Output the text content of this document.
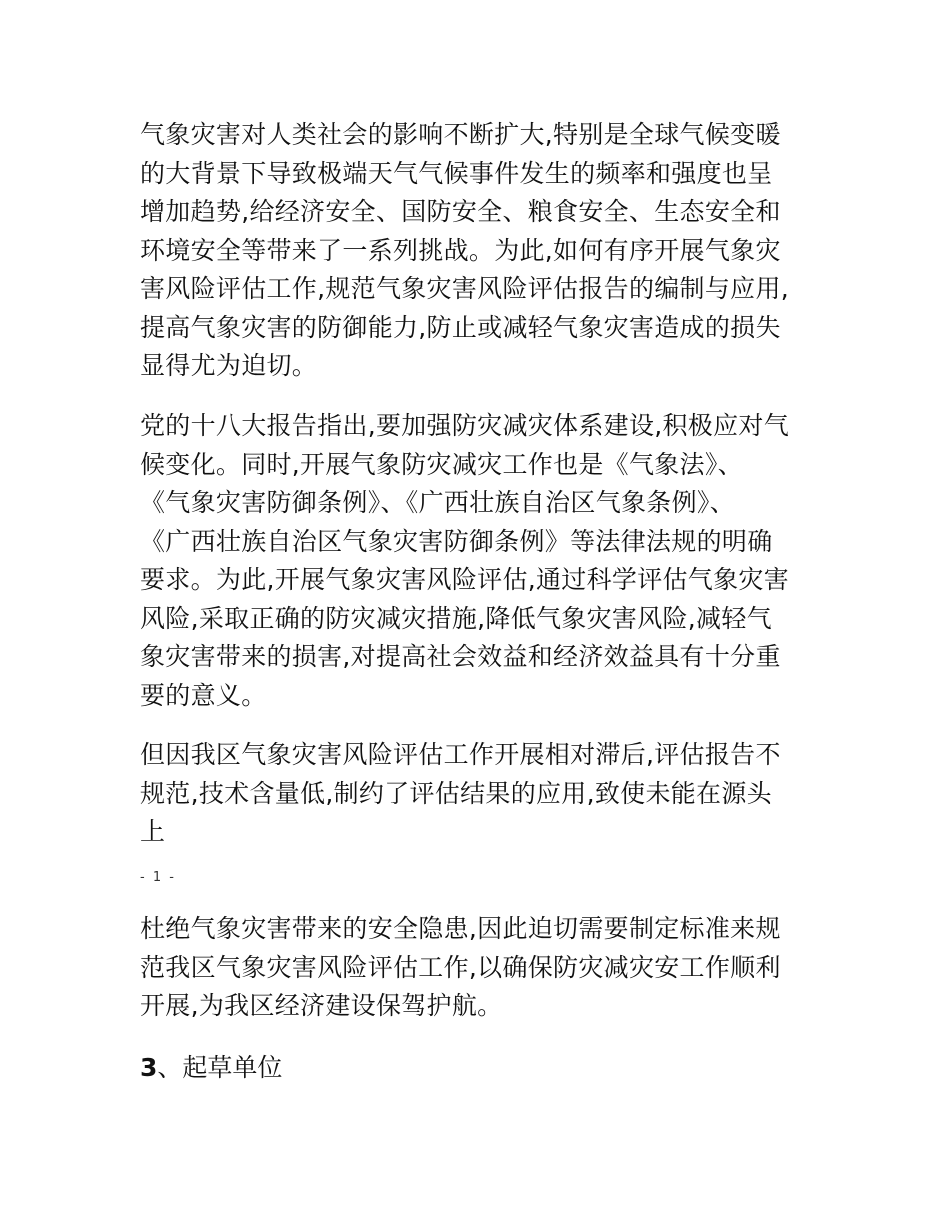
气象灾害对人类社会的影响不断扩大,特别是全球气候变暖
的大背景下导致极端天气气候事件发生的频率和强度也呈
增加趋势,给经济安全、国防安全、粮食安全、生态安全和
环境安全等带来了一系列挑战。为此,如何有序开展气象灾
害风险评估工作,规范气象灾害风险评估报告的编制与应用,
提高气象灾害的防御能力,防止或减轻气象灾害造成的损失
显得尤为迫切。

党的十八大报告指出,要加强防灾减灾体系建设,积极应对气
候变化。同时,开展气象防灾减灾工作也是《气象法》、
《气象灾害防御条例》、《广西壮族自治区气象条例》、
《广西壮族自治区气象灾害防御条例》等法律法规的明确
要求。为此,开展气象灾害风险评估,通过科学评估气象灾害
风险,采取正确的防灾减灾措施,降低气象灾害风险,减轻气
象灾害带来的损害,对提高社会效益和经济效益具有十分重
要的意义。

但因我区气象灾害风险评估工作开展相对滞后,评估报告不
规范,技术含量低,制约了评估结果的应用,致使未能在源头
上

- 1 -

杜绝气象灾害带来的安全隐患,因此迫切需要制定标准来规
范我区气象灾害风险评估工作,以确保防灾减灾安工作顺利
开展,为我区经济建设保驾护航。

3、起草单位
